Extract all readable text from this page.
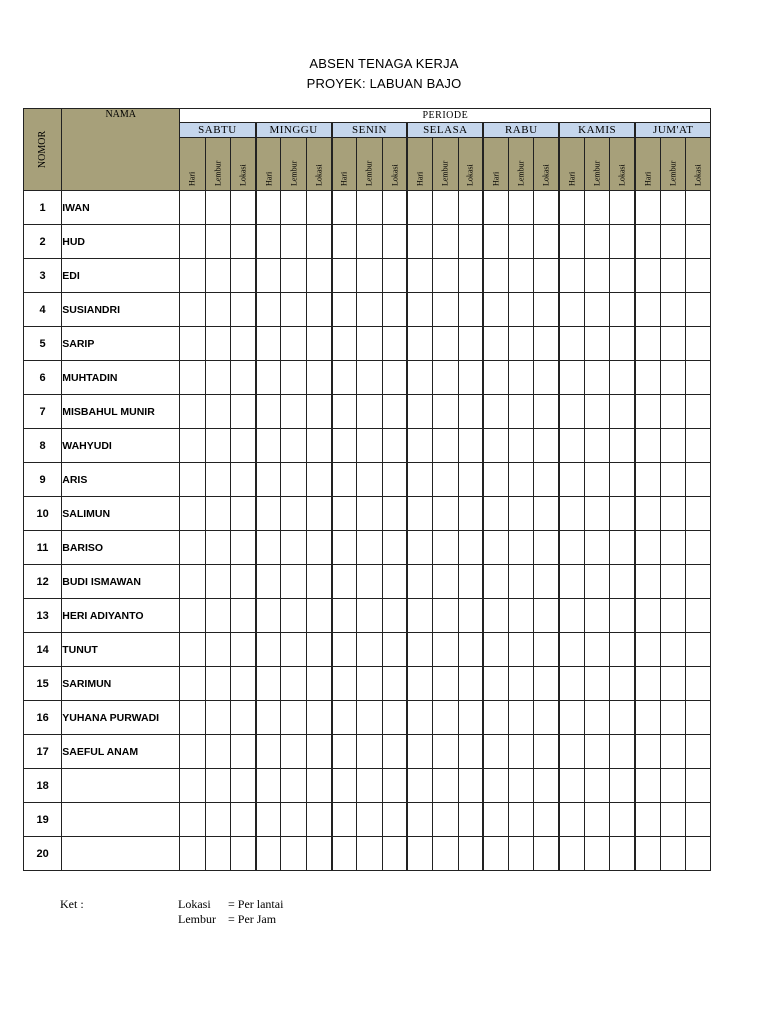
ABSEN TENAGA KERJA
PROYEK: LABUAN BAJO
NOMOR	NAMA	PERIODE																				
		SABTU			MINGGU			SENIN			SELASA			RABU			KAMIS			JUM'AT		

		Hari	Lembur	Lokasi	Hari	Lembur	Lokasi	Hari	Lembur	Lokasi	Hari	Lembur	Lokasi	Hari	Lembur	Lokasi	Hari	Lembur	Lokasi	Hari	Lembur	Lokasi

1	IWAN																					
2	HUD																					
3	EDI																					
4	SUSIANDRI																					
5	SARIP																					
6	MUHTADIN																					
7	MISBAHUL MUNIR																					
8	WAHYUDI																					
9	ARIS																					
10	SALIMUN																					
11	BARISO																					
12	BUDI ISMAWAN																					
13	HERI ADIYANTO																					
14	TUNUT																					
15	SARIMUN																					
16	YUHANA PURWADI																					
17	SAEFUL ANAM																					
18																						
19																						
20																						
Ket :	Lokasi = Per lantai
Lembur = Per Jam
